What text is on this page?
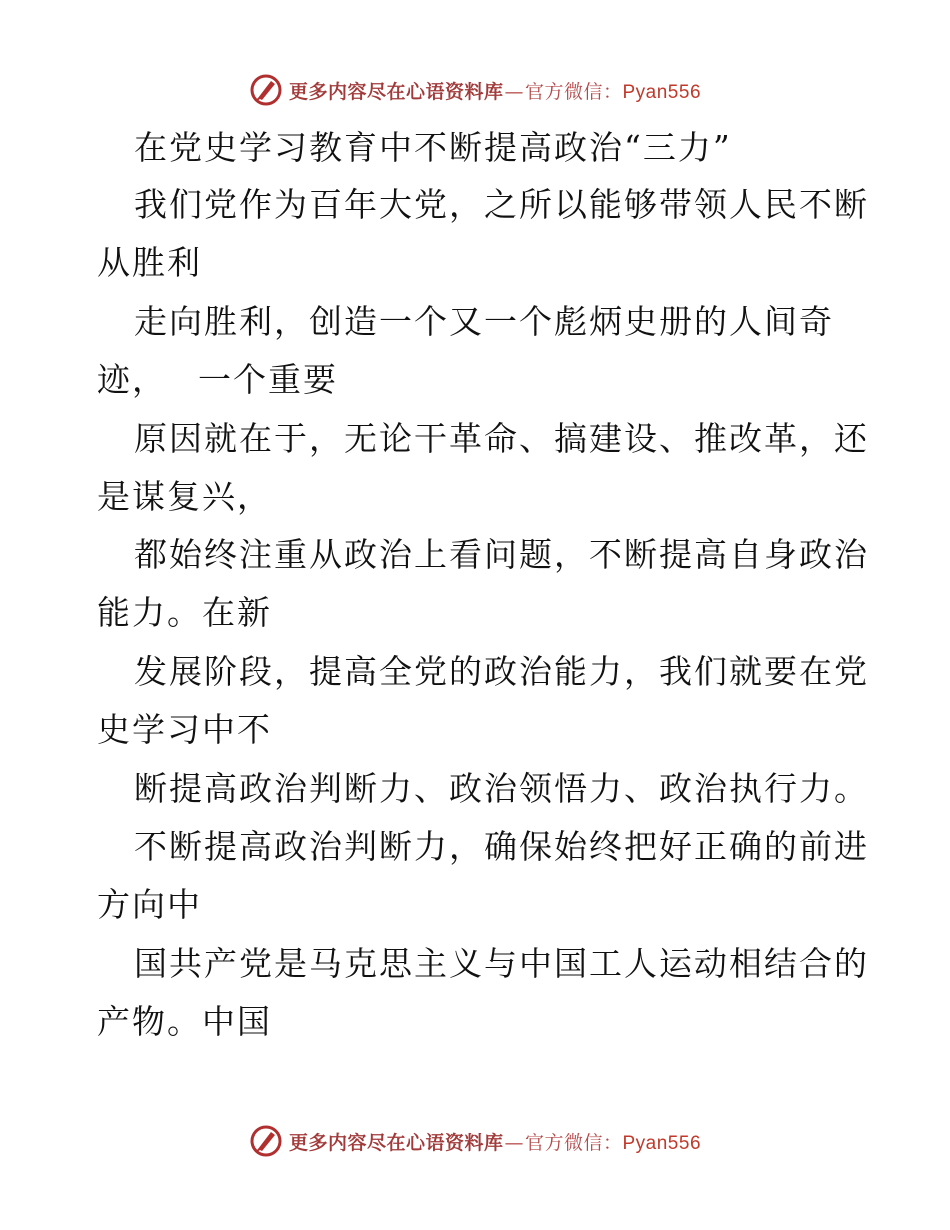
更多内容尽在心语资料库—官方微信：Pyan556
在党史学习教育中不断提高政治“三力”
我们党作为百年大党，之所以能够带领人民不断
从胜利
走向胜利，创造一个又一个彪炳史册的人间奇
迹，　 一个重要
原因就在于，无论干革命、搞建设、推改革，还
是谋复兴，
都始终注重从政治上看问题，不断提高自身政治
能力。在新
发展阶段，提高全党的政治能力，我们就要在党
史学习中不
断提高政治判断力、政治领悟力、政治执行力。
不断提高政治判断力，确保始终把好正确的前进
方向中
国共产党是马克思主义与中国工人运动相结合的
产物。中国
更多内容尽在心语资料库—官方微信：Pyan556
